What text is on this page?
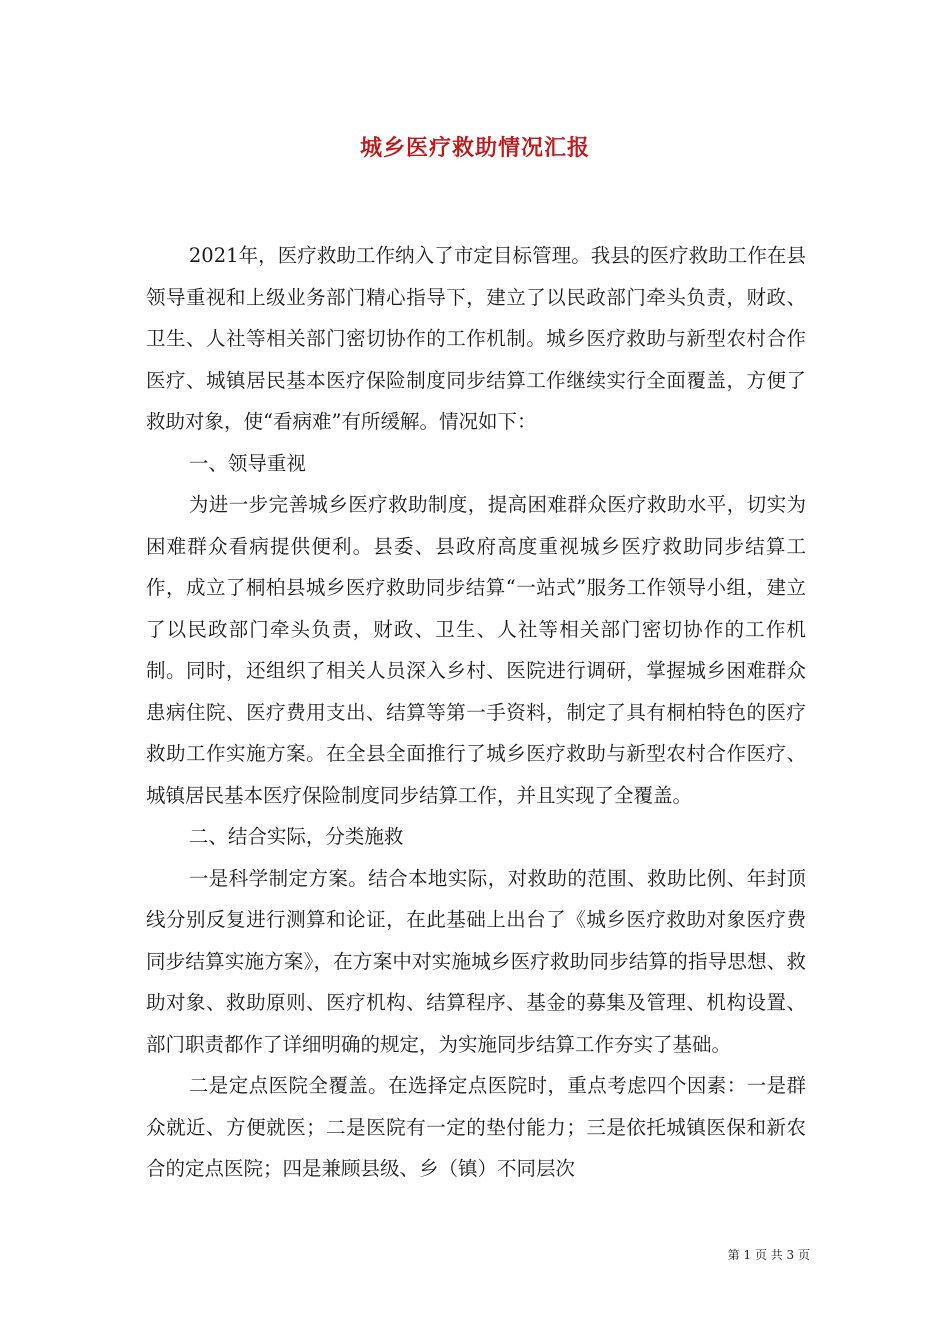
城乡医疗救助情况汇报

2021年，医疗救助工作纳入了市定目标管理。我县的医疗救助工作在县领导重视和上级业务部门精心指导下，建立了以民政部门牵头负责，财政、卫生、人社等相关部门密切协作的工作机制。城乡医疗救助与新型农村合作医疗、城镇居民基本医疗保险制度同步结算工作继续实行全面覆盖，方便了救助对象，使“看病难”有所缓解。情况如下：

一、领导重视

为进一步完善城乡医疗救助制度，提高困难群众医疗救助水平，切实为困难群众看病提供便利。县委、县政府高度重视城乡医疗救助同步结算工作，成立了桐柏县城乡医疗救助同步结算“一站式”服务工作领导小组，建立了以民政部门牵头负责，财政、卫生、人社等相关部门密切协作的工作机制。同时，还组织了相关人员深入乡村、医院进行调研，掌握城乡困难群众患病住院、医疗费用支出、结算等第一手资料，制定了具有桐柏特色的医疗救助工作实施方案。在全县全面推行了城乡医疗救助与新型农村合作医疗、城镇居民基本医疗保险制度同步结算工作，并且实现了全覆盖。

二、结合实际，分类施救

一是科学制定方案。结合本地实际，对救助的范围、救助比例、年封顶线分别反复进行测算和论证，在此基础上出台了《城乡医疗救助对象医疗费同步结算实施方案》，在方案中对实施城乡医疗救助同步结算的指导思想、救助对象、救助原则、医疗机构、结算程序、基金的募集及管理、机构设置、部门职责都作了详细明确的规定，为实施同步结算工作夯实了基础。

二是定点医院全覆盖。在选择定点医院时，重点考虑四个因素：一是群众就近、方便就医；二是医院有一定的垫付能力；三是依托城镇医保和新农合的定点医院；四是兼顾县级、乡（镇）不同层次

第 1 页 共 3 页
